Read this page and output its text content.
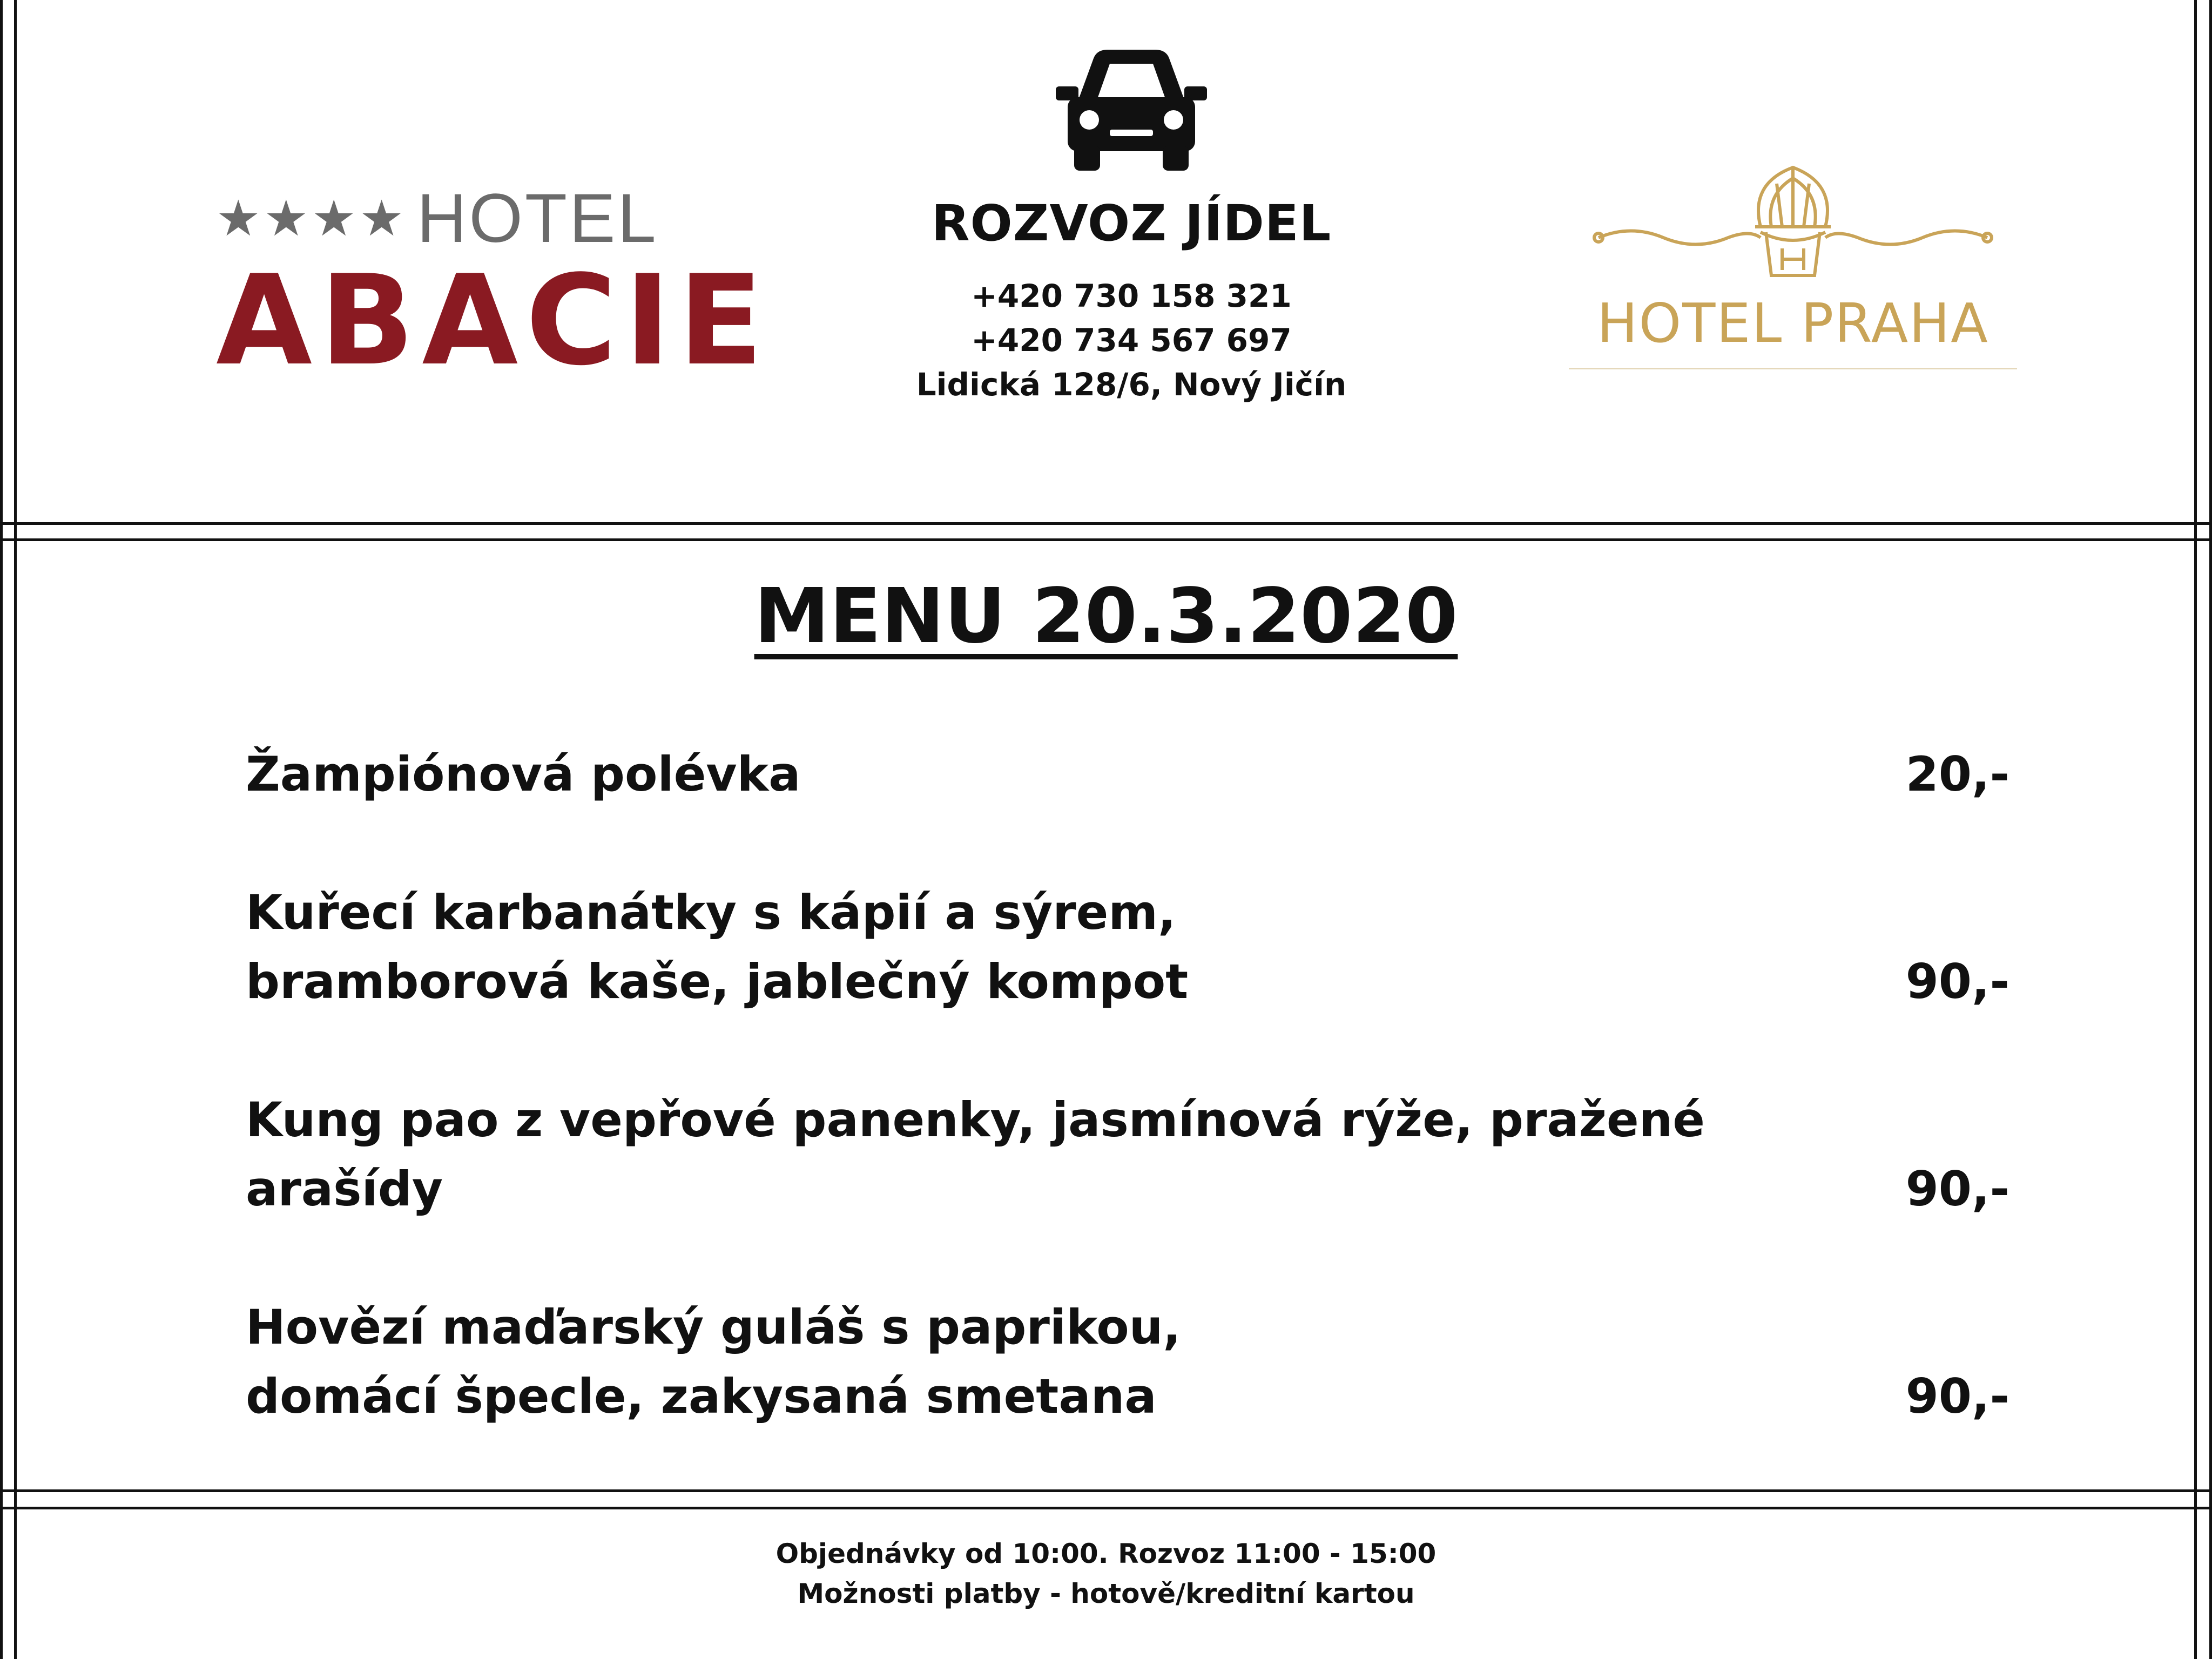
★★★★ HOTEL
ABACIE
ROZVOZ JÍDEL
+420 730 158 321
+420 734 567 697
Lidická 128/6, Nový Jičín
HOTEL PRAHA
MENU 20.3.2020
Žampiónová polévka	20,-
Kuřecí karbanátky s kápií a sýrem, bramborová kaše, jablečný kompot	90,-
Kung pao z vepřové panenky, jasmínová rýže, pražené arašídy	90,-
Hovězí maďarský guláš s paprikou, domácí špecle, zakysaná smetana	90,-
Objednávky od 10:00. Rozvoz 11:00 - 15:00
Možnosti platby - hotově/kreditní kartou
